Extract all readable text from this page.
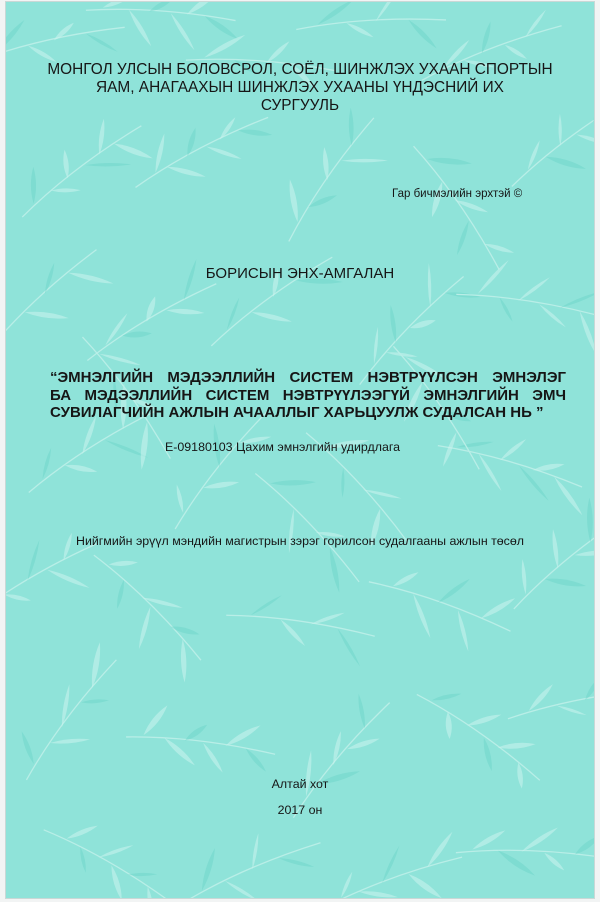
МОНГОЛ УЛСЫН БОЛОВСРОЛ, СОЁЛ, ШИНЖЛЭХ УХААН СПОРТЫН
ЯАМ, АНАГААХЫН ШИНЖЛЭХ УХААНЫ ҮНДЭСНИЙ ИХ
СУРГУУЛЬ
Гар бичмэлийн эрхтэй ©
БОРИСЫН ЭНХ-АМГАЛАН
“ЭМНЭЛГИЙН МЭДЭЭЛЛИЙН СИСТЕМ НЭВТРҮҮЛСЭН ЭМНЭЛЭГ
БА МЭДЭЭЛЛИЙН СИСТЕМ НЭВТРҮҮЛЭЭГҮЙ ЭМНЭЛГИЙН ЭМЧ
СУВИЛАГЧИЙН АЖЛЫН АЧААЛЛЫГ ХАРЬЦУУЛЖ СУДАЛСАН НЬ ”
Е-09180103 Цахим эмнэлгийн удирдлага
Нийгмийн эрүүл мэндийн магистрын зэрэг горилсон судалгааны ажлын төсөл
Алтай хот
2017 он
